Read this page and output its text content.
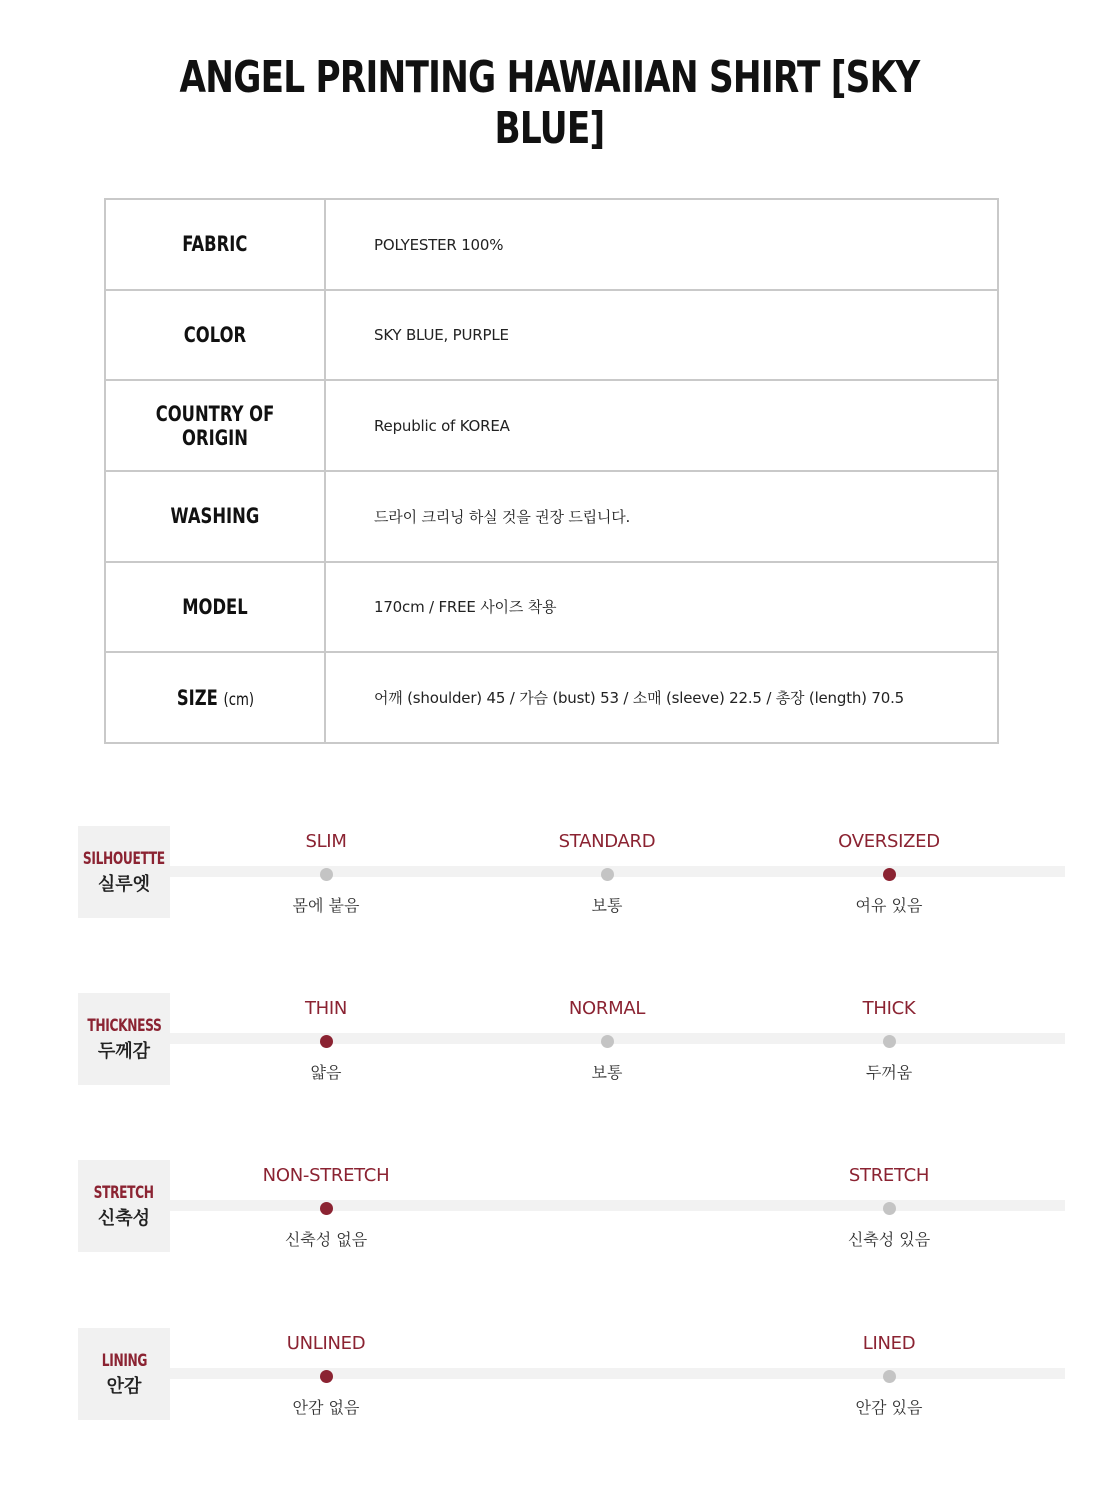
ANGEL PRINTING HAWAIIAN SHIRT [SKY BLUE]
FABRIC	POLYESTER 100%
COLOR	SKY BLUE, PURPLE
COUNTRY OF ORIGIN	Republic of KOREA
WASHING	드라이 크리닝 하실 것을 권장 드립니다.
MODEL	170cm / FREE 사이즈 착용
SIZE (cm)	어깨 (shoulder) 45 / 가슴 (bust) 53 / 소매 (sleeve) 22.5 / 총장 (length) 70.5
SILHOUETTE
실루엣
SLIM
몸에 붙음
STANDARD
보통
OVERSIZED
여유 있음
THICKNESS
두께감
THIN
얇음
NORMAL
보통
THICK
두꺼움
STRETCH
신축성
NON-STRETCH
신축성 없음
STRETCH
신축성 있음
LINING
안감
UNLINED
안감 없음
LINED
안감 있음
